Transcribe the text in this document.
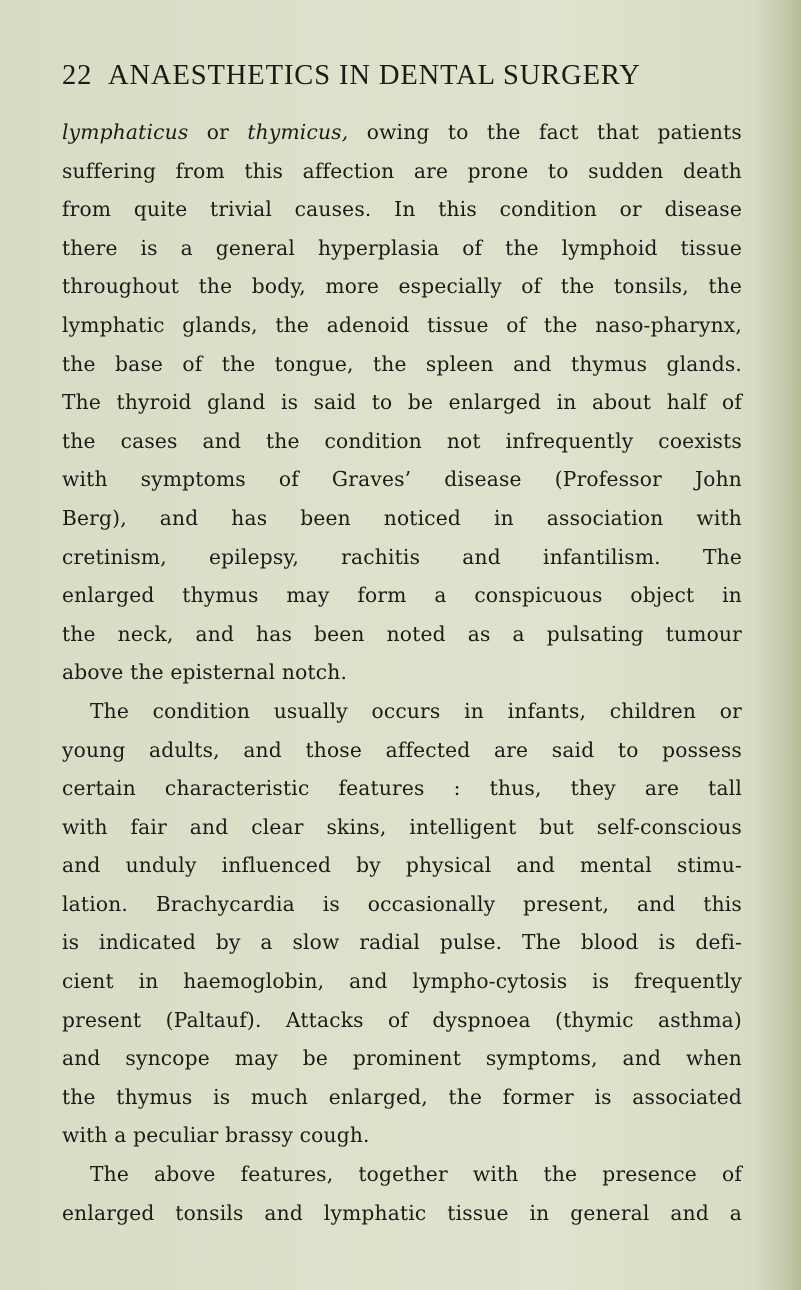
22 ANAESTHETICS IN DENTAL SURGERY
lymphaticus or thymicus, owing to the fact that patients
suffering from this affection are prone to sudden death
from quite trivial causes. In this condition or disease
there is a general hyperplasia of the lymphoid tissue
throughout the body, more especially of the tonsils, the
lymphatic glands, the adenoid tissue of the naso-pharynx,
the base of the tongue, the spleen and thymus glands.
The thyroid gland is said to be enlarged in about half of
the cases and the condition not infrequently coexists
with symptoms of Graves’ disease (Professor John
Berg), and has been noticed in association with
cretinism, epilepsy, rachitis and infantilism. The
enlarged thymus may form a conspicuous object in
the neck, and has been noted as a pulsating tumour
above the episternal notch.
The condition usually occurs in infants, children or
young adults, and those affected are said to possess
certain characteristic features : thus, they are tall
with fair and clear skins, intelligent but self-conscious
and unduly influenced by physical and mental stimu-
lation. Brachycardia is occasionally present, and this
is indicated by a slow radial pulse. The blood is defi-
cient in haemoglobin, and lympho-cytosis is frequently
present (Paltauf). Attacks of dyspnoea (thymic asthma)
and syncope may be prominent symptoms, and when
the thymus is much enlarged, the former is associated
with a peculiar brassy cough.
The above features, together with the presence of
enlarged tonsils and lymphatic tissue in general and a
